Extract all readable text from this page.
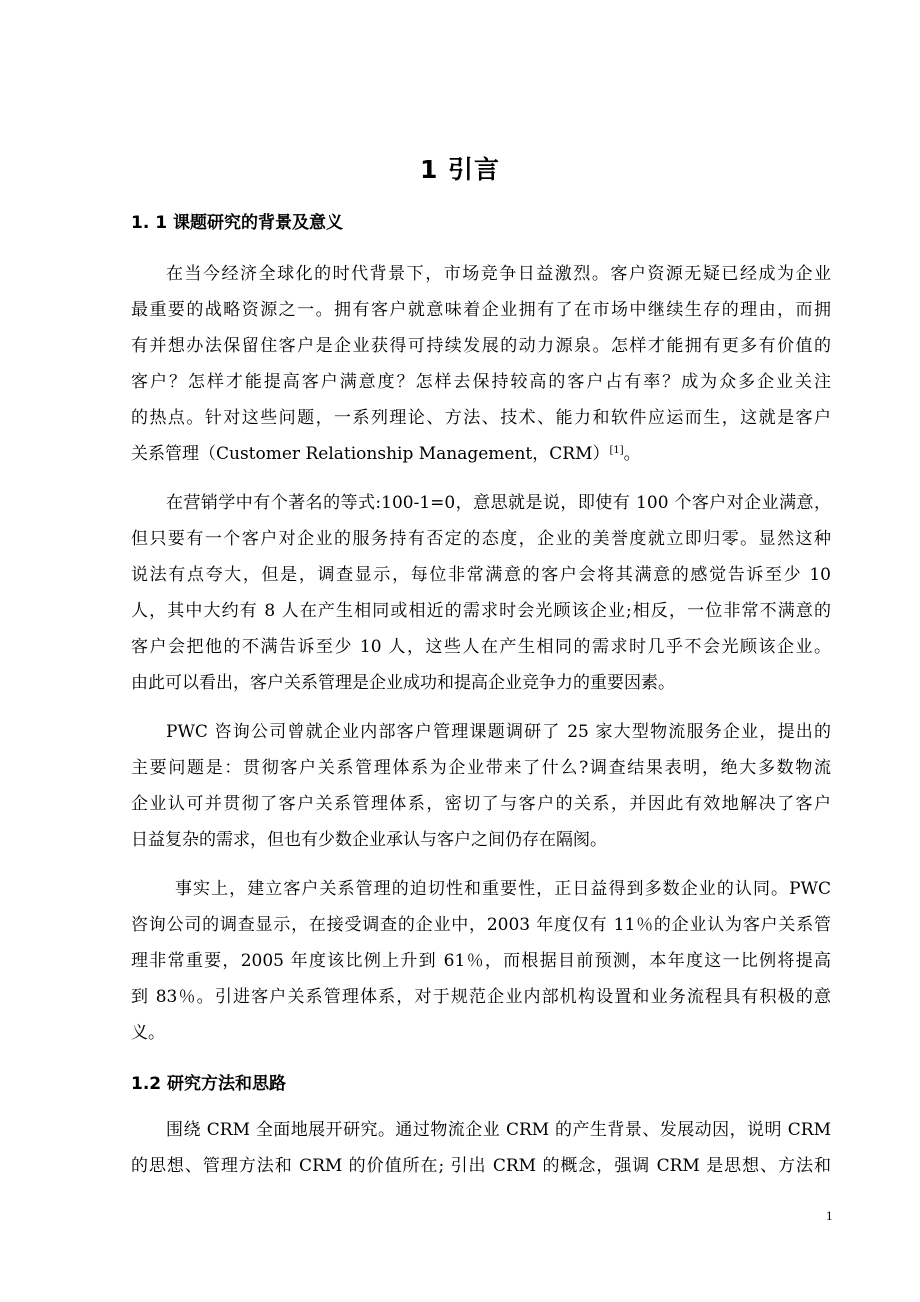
1 引言
1. 1 课题研究的背景及意义
在当今经济全球化的时代背景下，市场竞争日益激烈。客户资源无疑已经成为企业
最重要的战略资源之一。拥有客户就意味着企业拥有了在市场中继续生存的理由，而拥
有并想办法保留住客户是企业获得可持续发展的动力源泉。怎样才能拥有更多有价值的
客户？怎样才能提高客户满意度？怎样去保持较高的客户占有率？成为众多企业关注
的热点。针对这些问题，一系列理论、方法、技术、能力和软件应运而生，这就是客户
关系管理（Customer Relationship Management，CRM）[1]。
在营销学中有个著名的等式:100-1=0，意思就是说，即使有 100 个客户对企业满意，
但只要有一个客户对企业的服务持有否定的态度，企业的美誉度就立即归零。显然这种
说法有点夸大，但是，调查显示，每位非常满意的客户会将其满意的感觉告诉至少 10
人，其中大约有 8 人在产生相同或相近的需求时会光顾该企业;相反，一位非常不满意的
客户会把他的不满告诉至少 10 人，这些人在产生相同的需求时几乎不会光顾该企业。
由此可以看出，客户关系管理是企业成功和提高企业竞争力的重要因素。
PWC 咨询公司曾就企业内部客户管理课题调研了 25 家大型物流服务企业，提出的
主要问题是：贯彻客户关系管理体系为企业带来了什么?调查结果表明，绝大多数物流
企业认可并贯彻了客户关系管理体系，密切了与客户的关系，并因此有效地解决了客户
日益复杂的需求，但也有少数企业承认与客户之间仍存在隔阂。
事实上，建立客户关系管理的迫切性和重要性，正日益得到多数企业的认同。PWC
咨询公司的调查显示，在接受调查的企业中，2003 年度仅有 11％的企业认为客户关系管
理非常重要，2005 年度该比例上升到 61％，而根据目前预测，本年度这一比例将提高
到 83％。引进客户关系管理体系，对于规范企业内部机构设置和业务流程具有积极的意
义。
1.2 研究方法和思路
围绕 CRM 全面地展开研究。通过物流企业 CRM 的产生背景、发展动因，说明 CRM
的思想、管理方法和 CRM 的价值所在; 引出 CRM 的概念，强调 CRM 是思想、方法和
1
